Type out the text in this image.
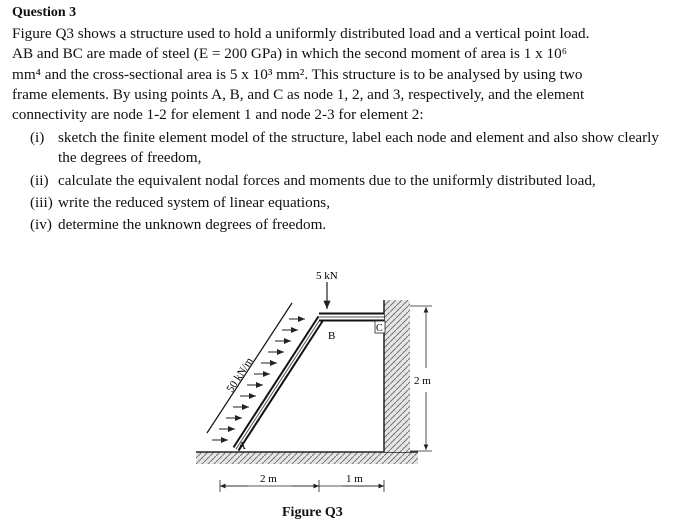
Question 3

Figure Q3 shows a structure used to hold a uniformly distributed load and a vertical point load.

AB and BC are made of steel (E = 200 GPa) in which the second moment of area is 1 x 10⁶

mm⁴ and the cross-sectional area is 5 x 10³ mm². This structure is to be analysed by using two

frame elements. By using points A, B, and C as node 1, 2, and 3, respectively, and the element

connectivity are node 1-2 for element 1 and node 2-3 for element 2:

(i) sketch the finite element model of the structure, label each node and element and also show clearly the degrees of freedom,
(ii) calculate the equivalent nodal forces and moments due to the uniformly distributed load,
(iii) write the reduced system of linear equations,
(iv) determine the unknown degrees of freedom.
50 kN/m
5 kN
A
B
C
2 m	1 m
2 m
Figure Q3
